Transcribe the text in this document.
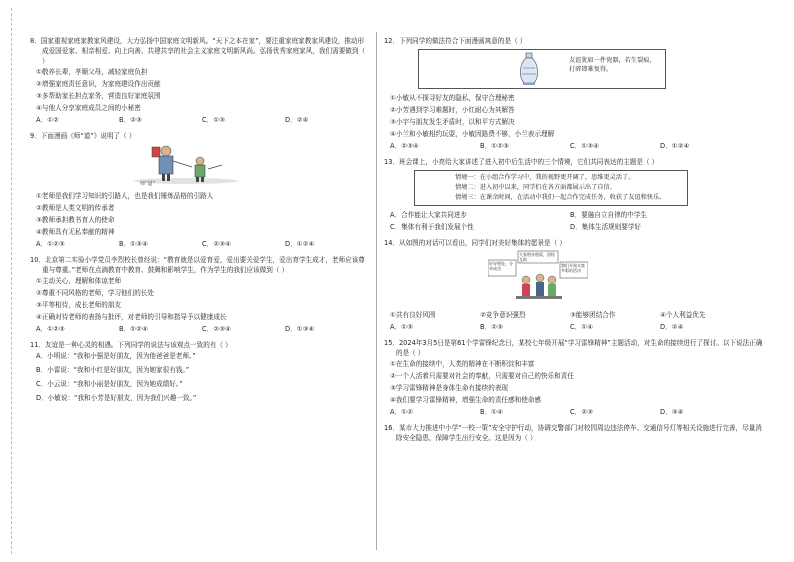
8．国家重视家庭家教家风建设，大力弘扬中国家庭文明新风。“天下之本在家”，要注重家庭家教家风建设，推动形成爱国爱家、相亲相爱、向上向善、共建共享的社会主义家庭文明新风尚。弘扬优秀家庭家风，我们需要做到（ ）
①敬养长辈，孝顺父母，减轻家庭负担
②增强家庭责任意识，为家庭建设作出贡献
③多帮助家长担点家务，营造良好家庭氛围
④与他人分享家庭成员之间的小秘密
A．①②	B．②③	C．①③	D．②④
9．下面漫画《师“道”》说明了（ ）
师“道”
①老师是我们学习知识的引路人，也是我们锤炼品格的引路人
②教师是人类文明的传承者
③教师承担教书育人的使命
④教师具有无私奉献的精神
A．①②③	B．①③④	C．②③④	D．①②④
10．北京第二实验小学党员李烈校长曾经说：“教育就是以爱育爱，爱出要关爱学生，爱出育学生成才，老师应该尊重与尊重。”老师在点滴教育中教育、鼓舞和影响学生，作为学生的我们应该做到（ ）
①主动关心、理解和体谅老师
②尊重不同风格的老师，学习他们的长处
③平等相待，成长老师的朋友
④正确对待老师的表扬与批评，对老师的引导和指导予以健康成长
A．①②③	B．①②④	C．②③④	D．①③④
11．友谊是一种心灵的相遇。下列同学的说法与该观点一致的有（ ）
A．小明说：“我和小强是好朋友，因为他爸爸是老师。”
B．小雷说：“我和小红是好朋友，因为她家很有钱。”
C．小云说：“我和小丽是好朋友，因为她成绩好。”
D．小敏说：“我和小芳是好朋友，因为我们兴趣一致。”
12．下列同学的做法符合下面漫画寓意的是（ ）
友谊犹如一件瓷器，若生裂痕，打碎即难复得。
①小敏从不探寻好友的隐私，保守合理秘密
②小芳遇到学习难题时，小红耐心为其解答
③小宇与朋友发生矛盾时，以和平方式解决
④小兰和小敏相约玩耍，小敏因路费不够，小兰表示理解
A．②③④	B．①②③	C．①③④	D．①②④
13．班会课上，小亮给大家讲述了进入初中后生活中的三个情境，它们共同表达的主题是（ ）
情境一：在小组合作学习中，我的视野更开阔了，思维更灵活了。
情境二：进入初中以来，同学们在各方面都展示出了自信。
情境三：在课余时间，在活动中我们一起合作完成任务，收获了友谊和快乐。
A．合作能让大家共同进步	B．要融自立自律的中学生
C．集体有利于我们发展个性	D．集体生活规则要学好
14．从如图的对话可以看出，同学们对美好集体的愿景是（ ）
好好相处，分享成功
大家相亲相爱，团结互助
我们开展丰富多彩的活动
①共有良好风围	②竞争意识强烈	③能够团结合作	④个人利益优先
A．①③	B．②③	C．①④	D．②④
15．2024年3月5日是第61个学雷锋纪念日，某校七年级开展“学习雷锋精神”主题活动，对生命的接续进行了探讨。以下说法正确的是（ ）
①在生命的接续中，人类的精神在不断积淀和丰富
②一个人活着只需要对社会的奉献，只需要对自己的快乐和责任
③学习雷锋精神是身体生命有接续的表现
④我们要学习雷锋精神，增强生命的责任感和使命感
A．①②	B．①④	C．②③	D．③④
16．某市大力推进中小学“一校一策”安全守护行动，协调交警部门对校园周边违法停车、交通信号灯等相关设施进行完善，尽量消除安全隐患，保障学生出行安全。这是因为（ ）
